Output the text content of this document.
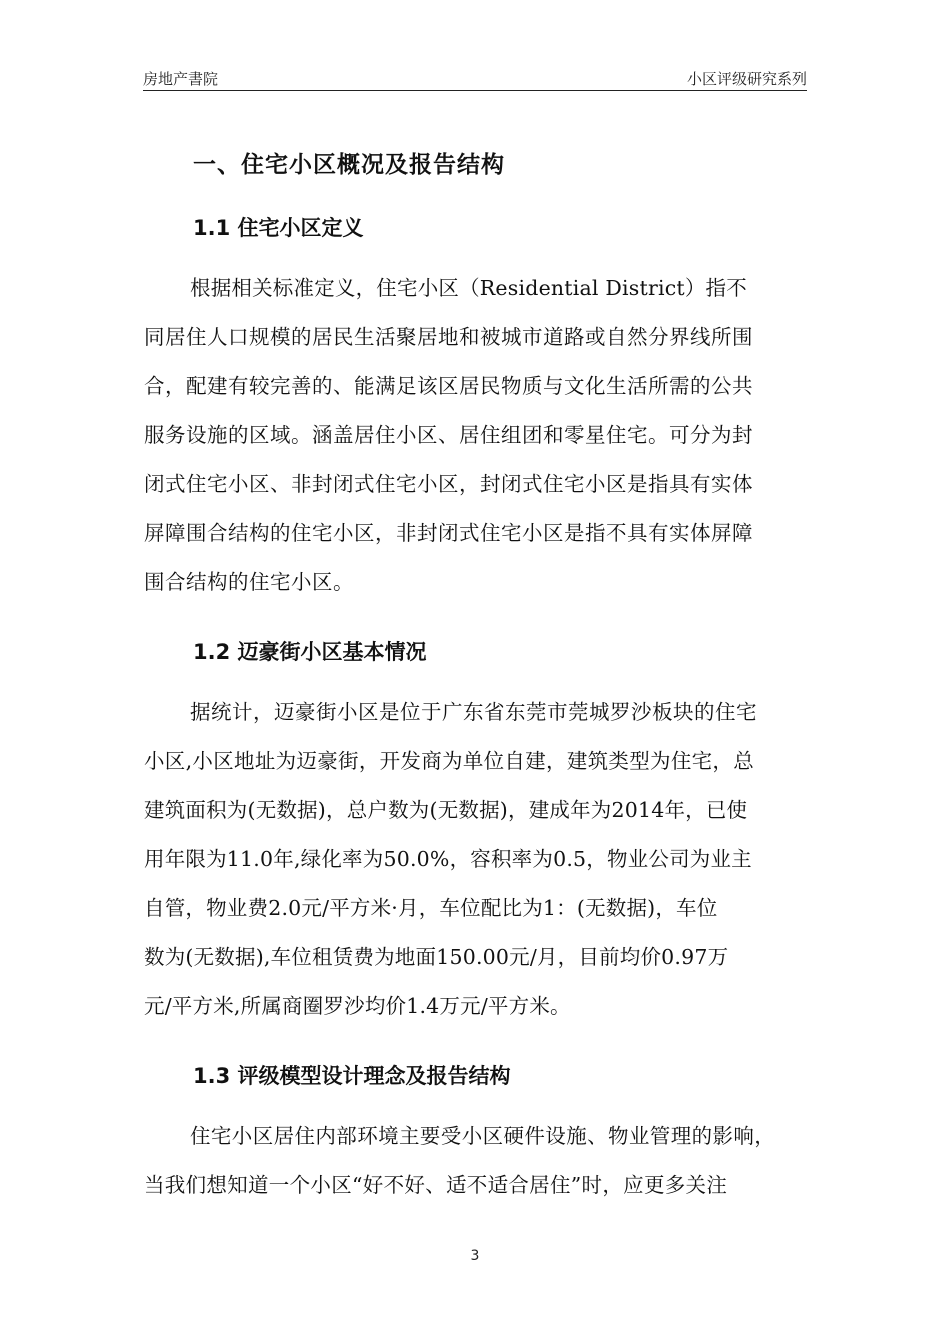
房地产書院	小区评级研究系列
一、住宅小区概况及报告结构
1.1 住宅小区定义
根据相关标准定义，住宅小区（Residential District）指不
同居住人口规模的居民生活聚居地和被城市道路或自然分界线所围
合，配建有较完善的、能满足该区居民物质与文化生活所需的公共
服务设施的区域。涵盖居住小区、居住组团和零星住宅。可分为封
闭式住宅小区、非封闭式住宅小区，封闭式住宅小区是指具有实体
屏障围合结构的住宅小区，非封闭式住宅小区是指不具有实体屏障
围合结构的住宅小区。
1.2 迈豪街小区基本情况
据统计，迈豪街小区是位于广东省东莞市莞城罗沙板块的住宅
小区,小区地址为迈豪街，开发商为单位自建，建筑类型为住宅，总
建筑面积为(无数据)，总户数为(无数据)，建成年为2014年，已使
用年限为11.0年,绿化率为50.0%，容积率为0.5，物业公司为业主
自管，物业费2.0元/平方米·月，车位配比为1：(无数据)，车位
数为(无数据),车位租赁费为地面150.00元/月，目前均价0.97万
元/平方米,所属商圈罗沙均价1.4万元/平方米。
1.3 评级模型设计理念及报告结构
住宅小区居住内部环境主要受小区硬件设施、物业管理的影响，
当我们想知道一个小区“好不好、适不适合居住”时，应更多关注
3
